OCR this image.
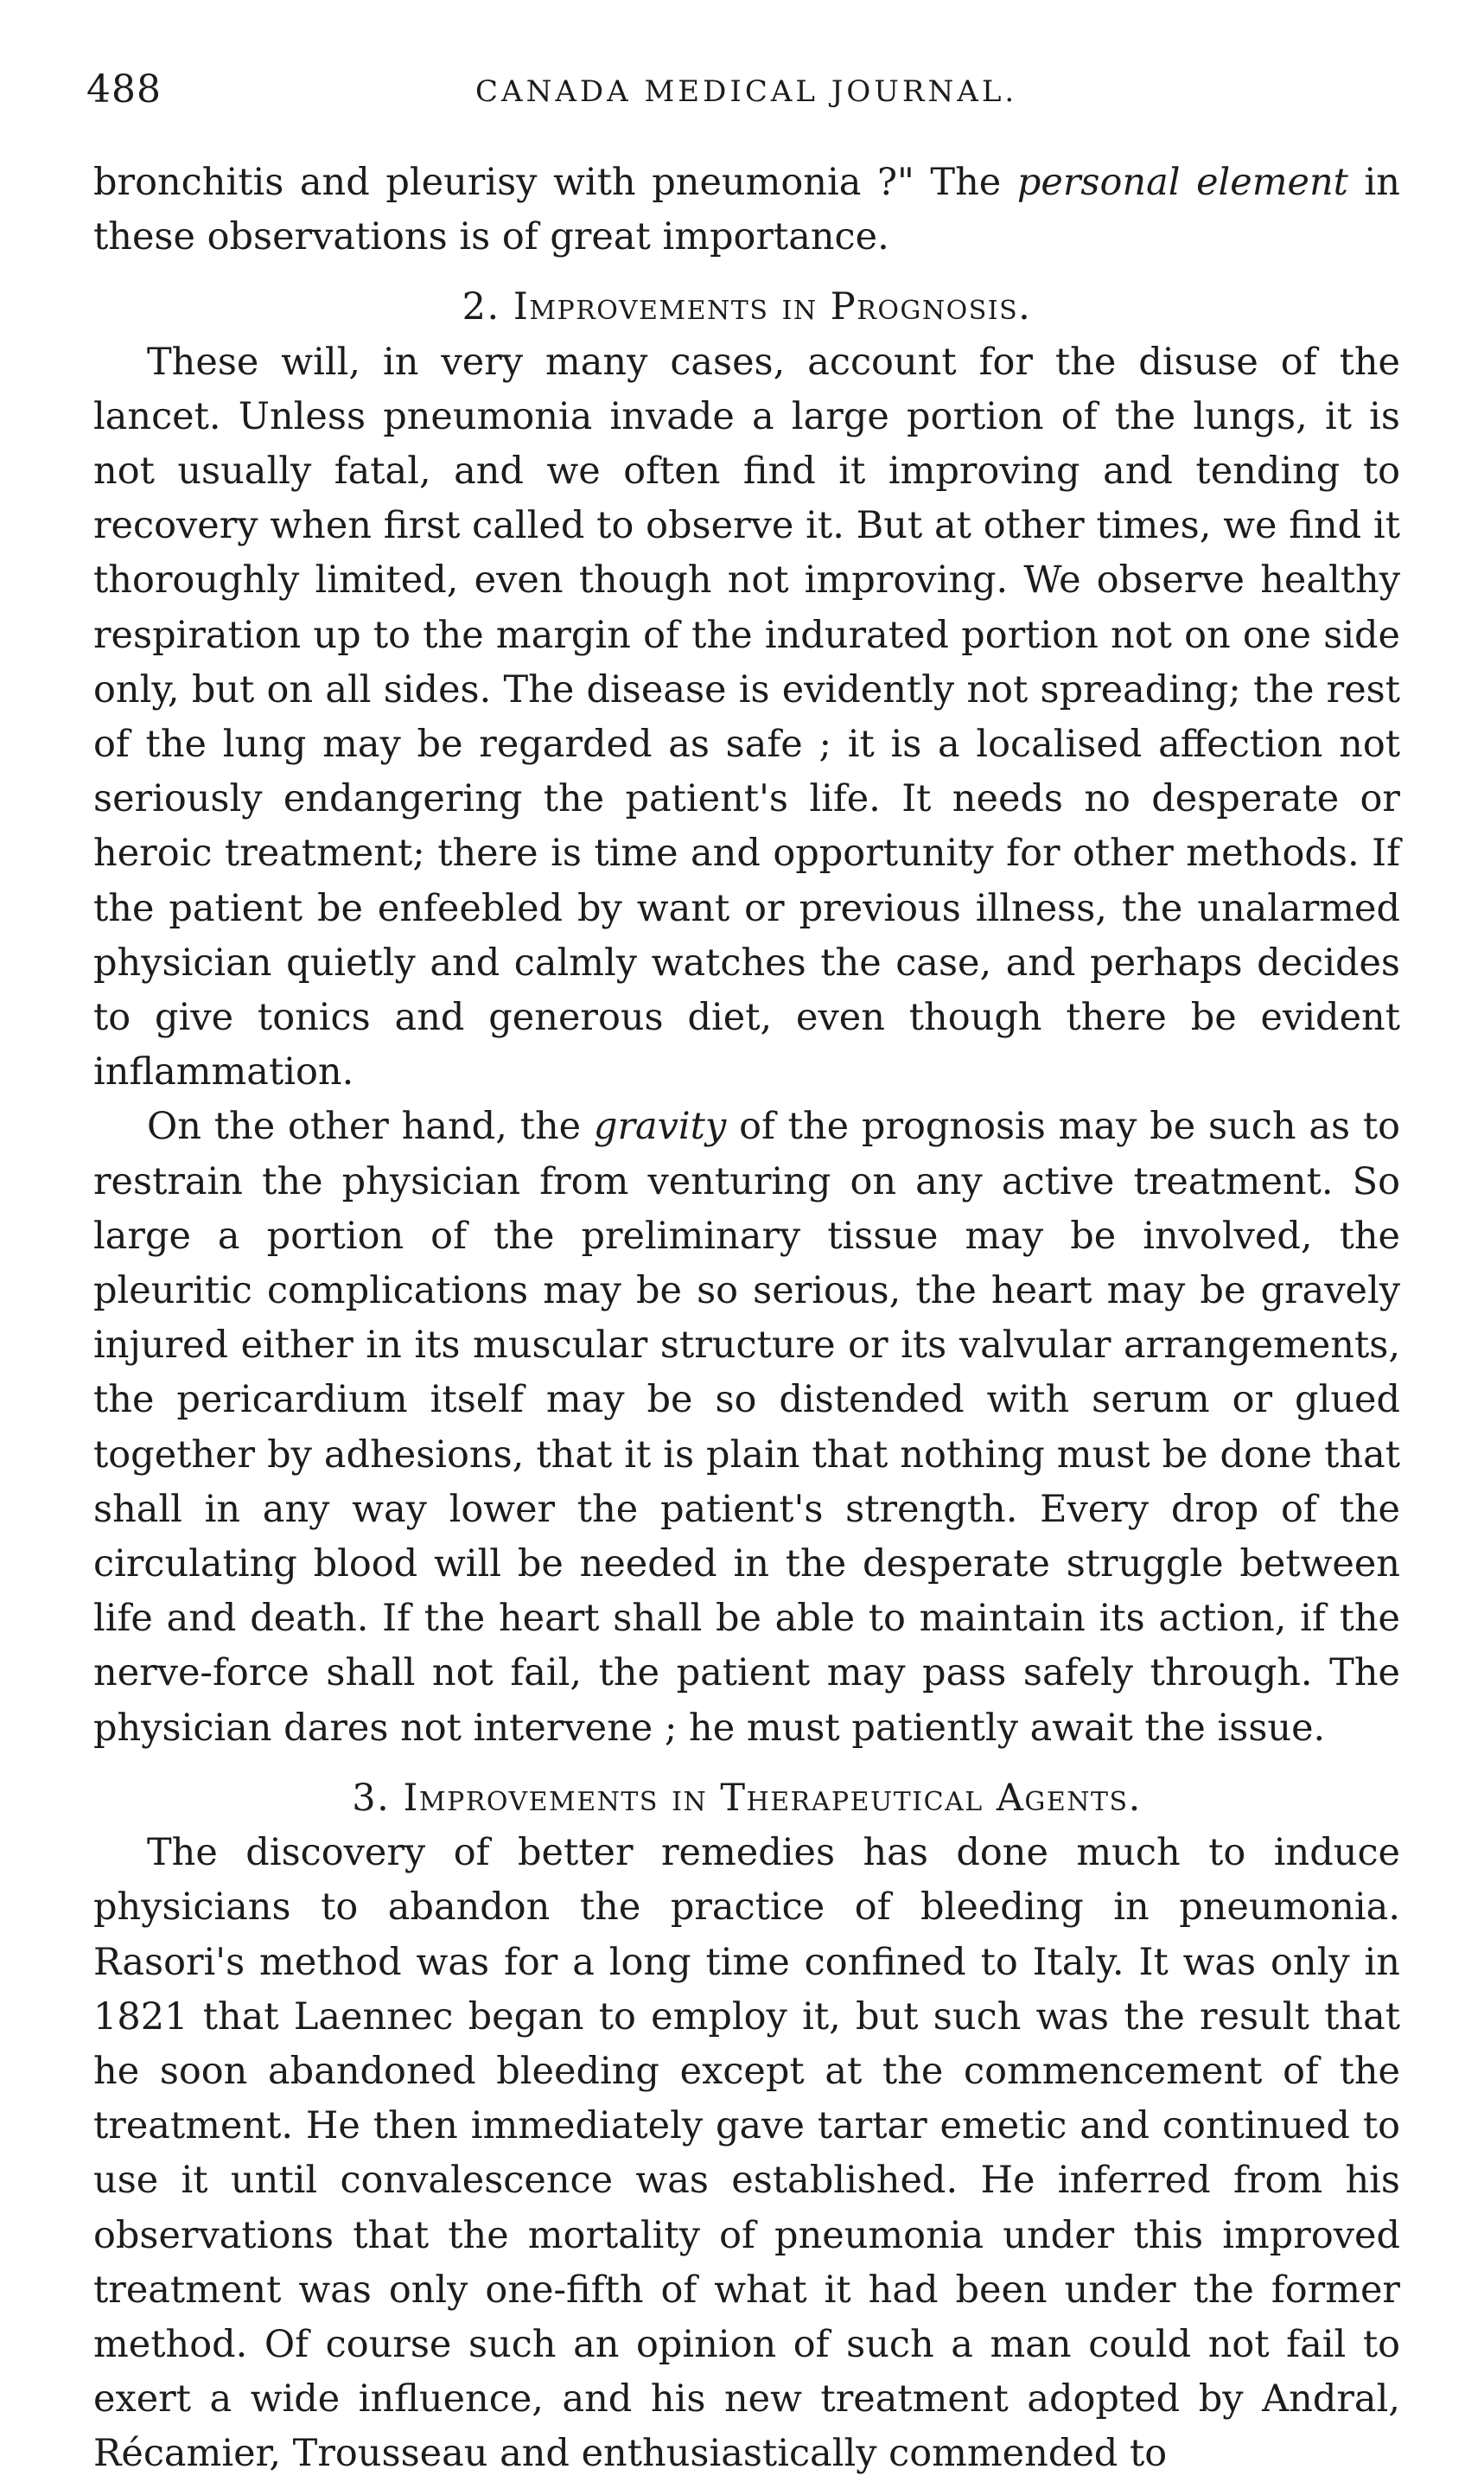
488	CANADA MEDICAL JOURNAL.

bronchitis and pleurisy with pneumonia ?" The personal element in these observations is of great importance.

2. Improvements in Prognosis.

These will, in very many cases, account for the disuse of the lancet. Unless pneumonia invade a large portion of the lungs, it is not usually fatal, and we often find it improving and tending to recovery when first called to observe it. But at other times, we find it thoroughly limited, even though not improving. We observe healthy respiration up to the margin of the indurated portion not on one side only, but on all sides. The disease is evidently not spreading; the rest of the lung may be regarded as safe ; it is a localised affection not seriously endangering the patient's life. It needs no desperate or heroic treatment; there is time and opportunity for other methods. If the patient be enfeebled by want or previous illness, the unalarmed physician quietly and calmly watches the case, and perhaps decides to give tonics and generous diet, even though there be evident inflammation.

On the other hand, the gravity of the prognosis may be such as to restrain the physician from venturing on any active treatment. So large a portion of the preliminary tissue may be involved, the pleuritic complications may be so serious, the heart may be gravely injured either in its muscular structure or its valvular arrangements, the pericardium itself may be so distended with serum or glued together by adhesions, that it is plain that nothing must be done that shall in any way lower the patient's strength. Every drop of the circulating blood will be needed in the desperate struggle between life and death. If the heart shall be able to maintain its action, if the nerve-force shall not fail, the patient may pass safely through. The physician dares not intervene ; he must patiently await the issue.

3. Improvements in Therapeutical Agents.

The discovery of better remedies has done much to induce physicians to abandon the practice of bleeding in pneumonia. Rasori's method was for a long time confined to Italy. It was only in 1821 that Laennec began to employ it, but such was the result that he soon abandoned bleeding except at the commencement of the treatment. He then immediately gave tartar emetic and continued to use it until convalescence was established. He inferred from his observations that the mortality of pneumonia under this improved treatment was only one-fifth of what it had been under the former method. Of course such an opinion of such a man could not fail to exert a wide influence, and his new treatment adopted by Andral, Récamier, Trousseau and enthusiastically commended to
